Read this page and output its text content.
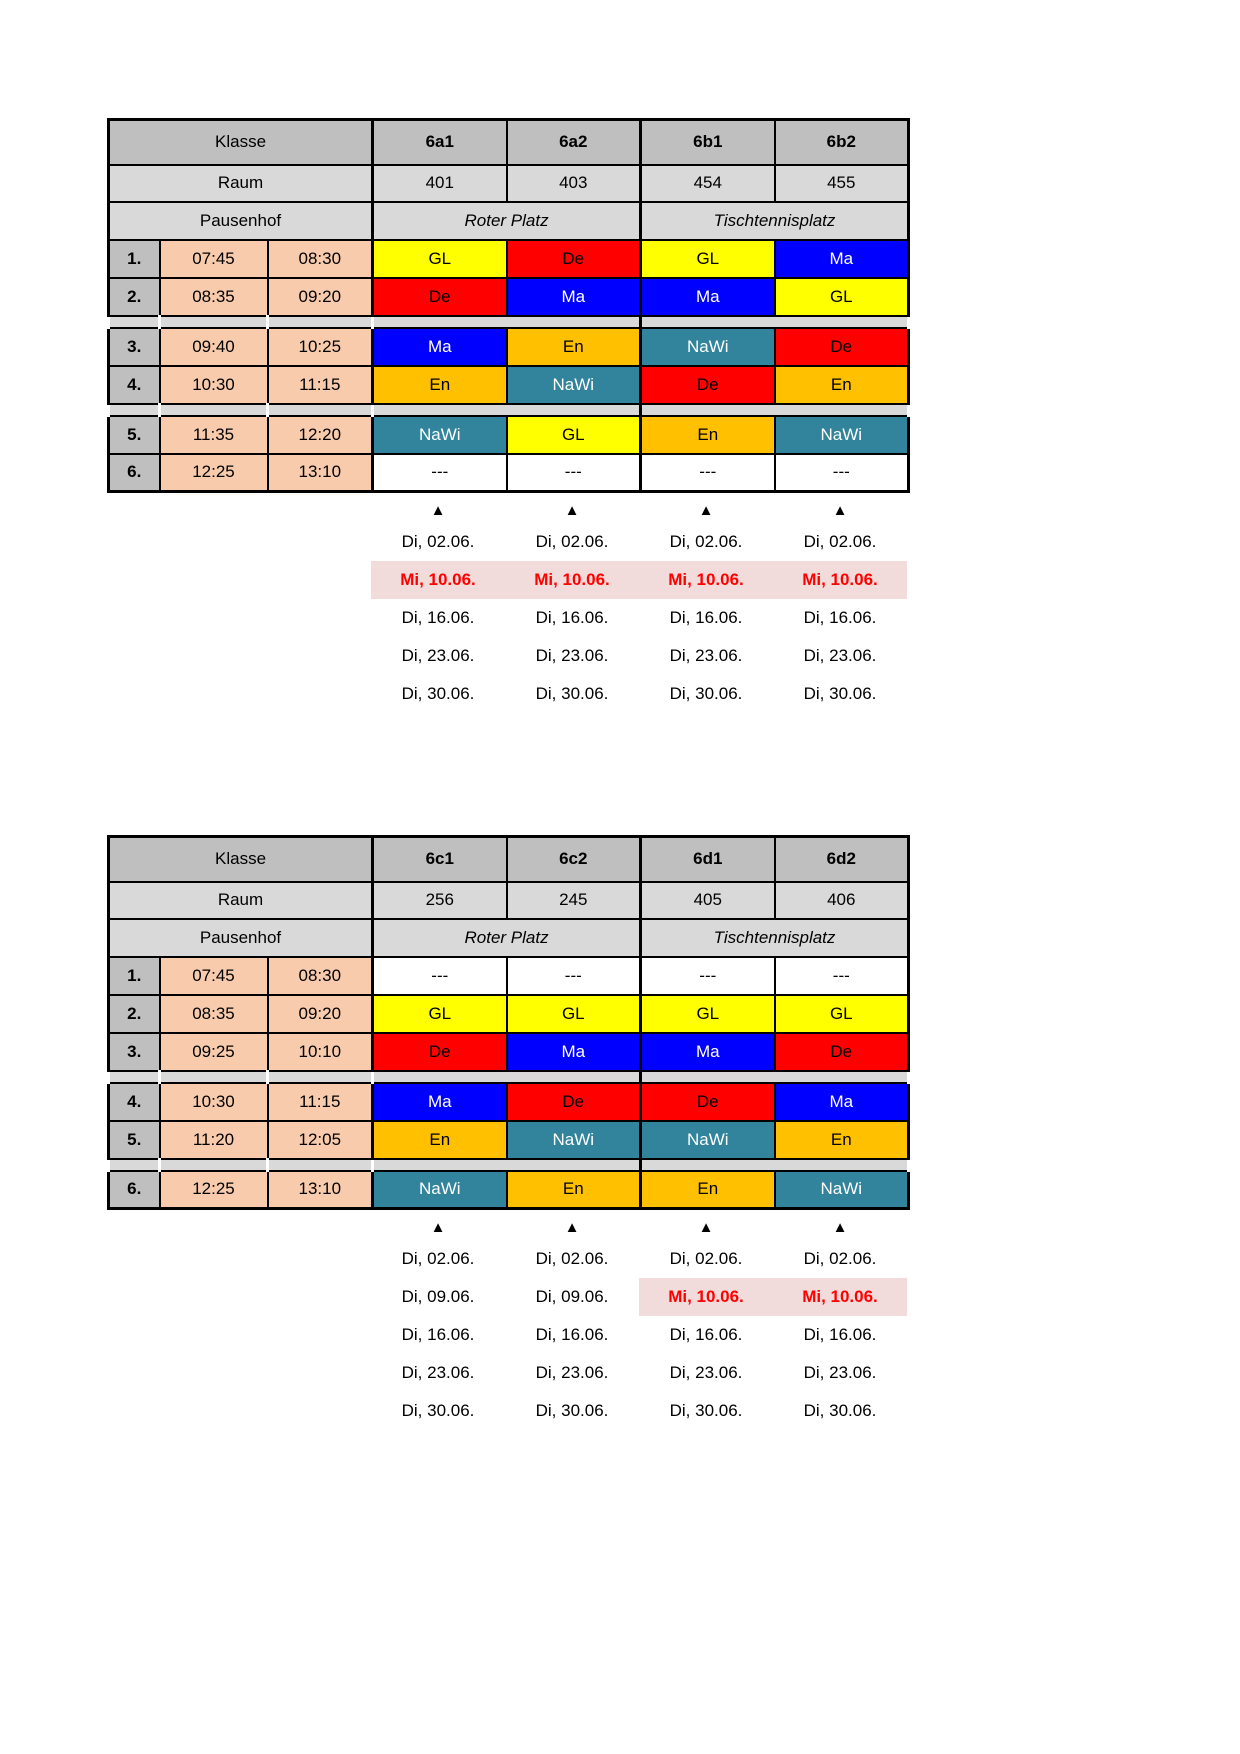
Klasse			6a1	6a2	6b1	6b2
Raum			401	403	454	455
Pausenhof			Roter Platz		Tischtennisplatz	
1.	07:45	08:30	GL	De	GL	Ma
2.	08:35	09:20	De	Ma	Ma	GL

3.	09:40	10:25	Ma	En	NaWi	De
4.	10:30	11:15	En	NaWi	De	En

5.	11:35	12:20	NaWi	GL	En	NaWi
6.	12:25	13:10	---	---	---	---
▲	▲	▲	▲
Di, 02.06.	Di, 02.06.	Di, 02.06.	Di, 02.06.
Mi, 10.06.	Mi, 10.06.	Mi, 10.06.	Mi, 10.06.
Di, 16.06.	Di, 16.06.	Di, 16.06.	Di, 16.06.
Di, 23.06.	Di, 23.06.	Di, 23.06.	Di, 23.06.
Di, 30.06.	Di, 30.06.	Di, 30.06.	Di, 30.06.
Klasse			6c1	6c2	6d1	6d2
Raum			256	245	405	406
Pausenhof			Roter Platz		Tischtennisplatz	
1.	07:45	08:30	---	---	---	---
2.	08:35	09:20	GL	GL	GL	GL
3.	09:25	10:10	De	Ma	Ma	De

4.	10:30	11:15	Ma	De	De	Ma
5.	11:20	12:05	En	NaWi	NaWi	En

6.	12:25	13:10	NaWi	En	En	NaWi
▲	▲	▲	▲
Di, 02.06.	Di, 02.06.	Di, 02.06.	Di, 02.06.
Di, 09.06.	Di, 09.06.	Mi, 10.06.	Mi, 10.06.
Di, 16.06.	Di, 16.06.	Di, 16.06.	Di, 16.06.
Di, 23.06.	Di, 23.06.	Di, 23.06.	Di, 23.06.
Di, 30.06.	Di, 30.06.	Di, 30.06.	Di, 30.06.
